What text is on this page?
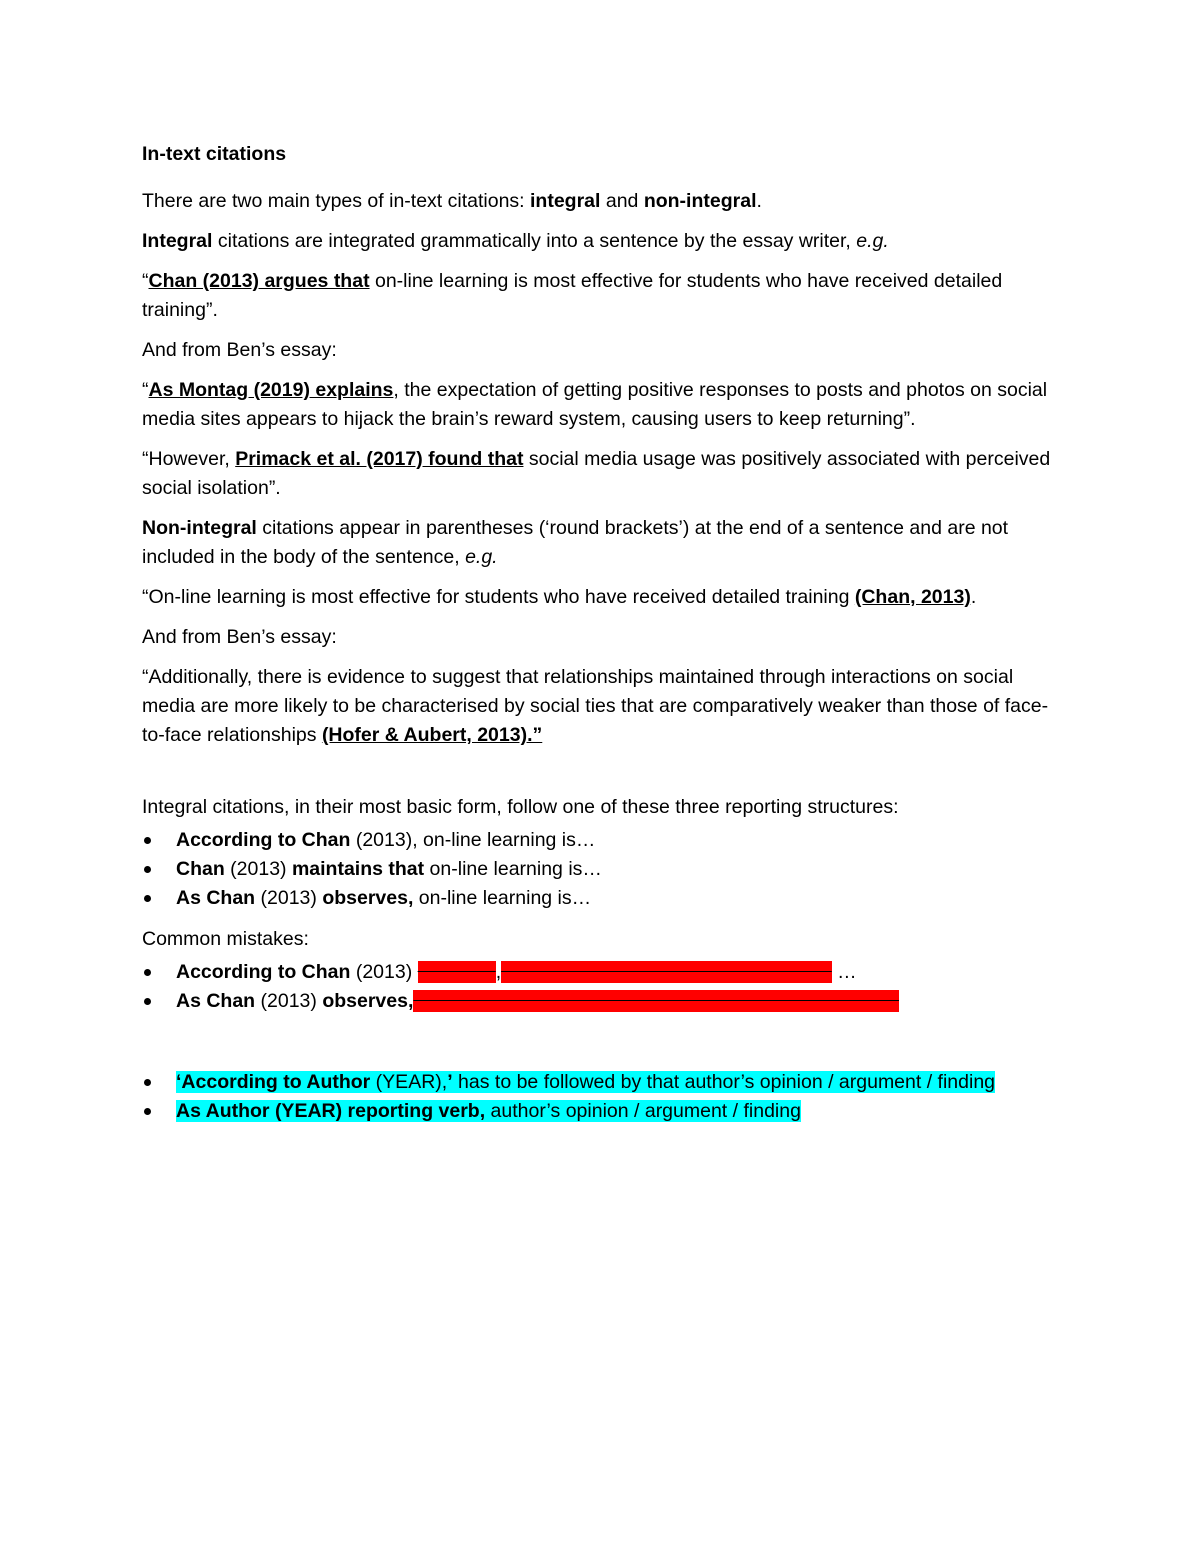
In-text citations

There are two main types of in-text citations: integral and non-integral.

Integral citations are integrated grammatically into a sentence by the essay writer, e.g.

“Chan (2013) argues that on-line learning is most effective for students who have received detailed training”.

And from Ben’s essay:

“As Montag (2019) explains, the expectation of getting positive responses to posts and photos on social media sites appears to hijack the brain’s reward system, causing users to keep returning”.

“However, Primack et al. (2017) found that social media usage was positively associated with perceived social isolation”.

Non-integral citations appear in parentheses (‘round brackets’) at the end of a sentence and are not included in the body of the sentence, e.g.

“On-line learning is most effective for students who have received detailed training (Chan, 2013).

And from Ben’s essay:

“Additionally, there is evidence to suggest that relationships maintained through interactions on social media are more likely to be characterised by social ties that are comparatively weaker than those of face-to-face relationships (Hofer & Aubert, 2013).”

Integral citations, in their most basic form, follow one of these three reporting structures:

According to Chan (2013), on-line learning is…
Chan (2013) maintains that on-line learning is…
As Chan (2013) observes, on-line learning is…

Common mistakes:

According to Chan (2013) suggests, he thinks that / he says that / believes …
As Chan (2013) observes, he thinks that / he says that / believes / in his opinion …
‘According to Author (YEAR),’ has to be followed by that author’s opinion / argument / finding
As Author (YEAR) reporting verb, author’s opinion / argument / finding
